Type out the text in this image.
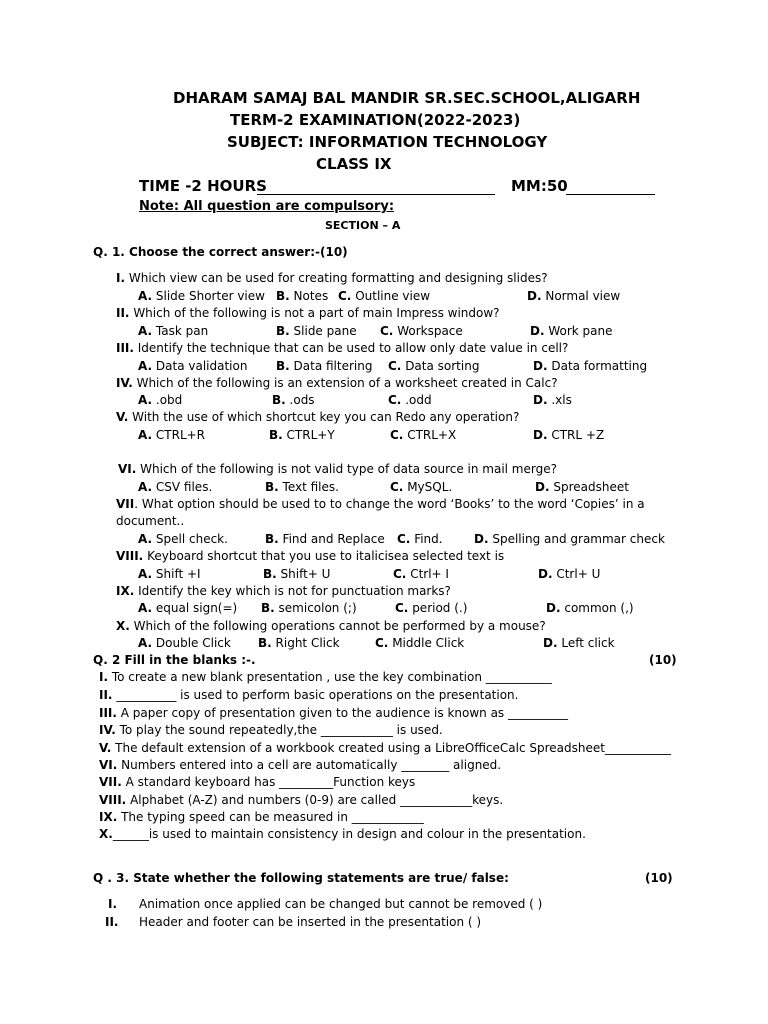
DHARAM SAMAJ BAL MANDIR SR.SEC.SCHOOL,ALIGARH
TERM-2 EXAMINATION(2022-2023)
SUBJECT: INFORMATION TECHNOLOGY
CLASS IX
TIME -2 HOURS	MM:50
Note: All question are compulsory:
SECTION – A
Q. 1. Choose the correct answer:-(10)
I. Which view can be used for creating formatting and designing slides?
A. Slide Shorter view B. Notes C. Outline view	D. Normal view
II. Which of the following is not a part of main Impress window?
A. Task pan	B. Slide pane C. Workspace	D. Work pane
III. Identify the technique that can be used to allow only date value in cell?
A. Data validation B. Data filtering C. Data sorting	D. Data formatting
IV. Which of the following is an extension of a worksheet created in Calc?
A. .obd	B. .ods	C. .odd	D. .xls
V. With the use of which shortcut key you can Redo any operation?
A. CTRL+R	B. CTRL+Y	C. CTRL+X	D. CTRL +Z
VI. Which of the following is not valid type of data source in mail merge?
A. CSV files.	B. Text files.	C. MySQL.	D. Spreadsheet
VII. What option should be used to to change the word ‘Books’ to the word ‘Copies’ in a
document..
A. Spell check.	B. Find and Replace C. Find.	D. Spelling and grammar check
VIII. Keyboard shortcut that you use to italicisea selected text is
A. Shift +I	B. Shift+ U	C. Ctrl+ I	D. Ctrl+ U
IX. Identify the key which is not for punctuation marks?
A. equal sign(=) B. semicolon (;)	C. period (.)	D. common (,)
X. Which of the following operations cannot be performed by a mouse?
A. Double Click B. Right Click	C. Middle Click	D. Left click
Q. 2 Fill in the blanks :-.	(10)
I. To create a new blank presentation , use the key combination ___________
II. __________ is used to perform basic operations on the presentation.
III. A paper copy of presentation given to the audience is known as __________
IV. To play the sound repeatedly,the ____________ is used.
V. The default extension of a workbook created using a LibreOfficeCalc Spreadsheet___________
VI. Numbers entered into a cell are automatically ________ aligned.
VII. A standard keyboard has _________Function keys
VIII. Alphabet (A-Z) and numbers (0-9) are called ____________keys.
IX. The typing speed can be measured in ____________
X.______is used to maintain consistency in design and colour in the presentation.
Q . 3. State whether the following statements are true/ false:	(10)
I. Animation once applied can be changed but cannot be removed ( )
II. Header and footer can be inserted in the presentation ( )
